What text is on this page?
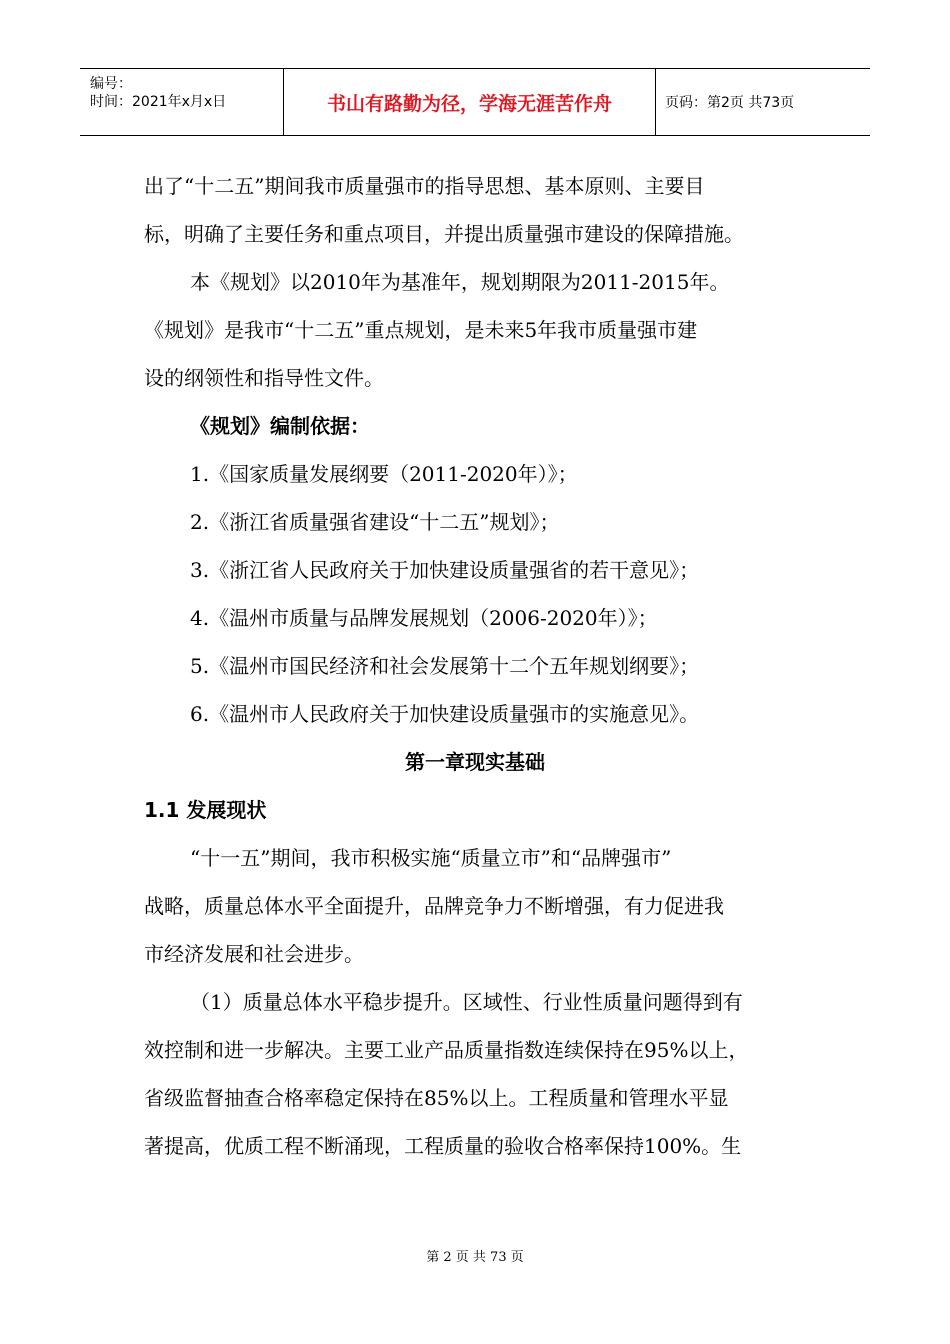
编号：
时间：2021年x月x日	书山有路勤为径，学海无涯苦作舟	页码：第2页 共73页

出了“十二五”期间我市质量强市的指导思想、基本原则、主要目

标，明确了主要任务和重点项目，并提出质量强市建设的保障措施。

本《规划》以2010年为基准年，规划期限为2011-2015年。

《规划》是我市“十二五”重点规划，是未来5年我市质量强市建

设的纲领性和指导性文件。

《规划》编制依据：

1.《国家质量发展纲要（2011-2020年）》；

2.《浙江省质量强省建设“十二五”规划》；

3.《浙江省人民政府关于加快建设质量强省的若干意见》；

4.《温州市质量与品牌发展规划（2006-2020年）》；

5.《温州市国民经济和社会发展第十二个五年规划纲要》；

6.《温州市人民政府关于加快建设质量强市的实施意见》。

第一章现实基础

1.1 发展现状

“十一五”期间，我市积极实施“质量立市”和“品牌强市”

战略，质量总体水平全面提升，品牌竞争力不断增强，有力促进我

市经济发展和社会进步。

（1）质量总体水平稳步提升。区域性、行业性质量问题得到有

效控制和进一步解决。主要工业产品质量指数连续保持在95%以上，

省级监督抽查合格率稳定保持在85%以上。工程质量和管理水平显

著提高，优质工程不断涌现，工程质量的验收合格率保持100%。生

第 2 页 共 73 页
